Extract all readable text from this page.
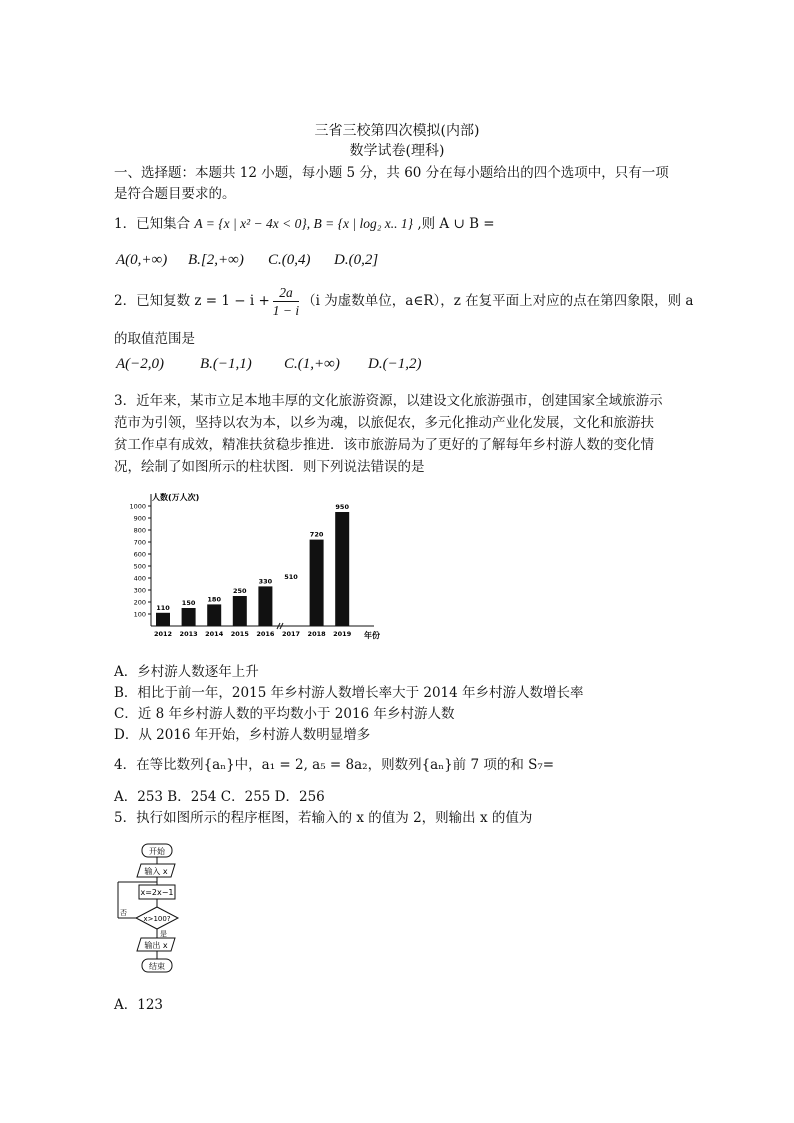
三省三校第四次模拟(内部)
数学试卷(理科)
一、选择题：本题共 12 小题，每小题 5 分，共 60 分在每小题给出的四个选项中，只有一项
是符合题目要求的。
1．已知集合 A = {x | x² − 4x < 0}, B = {x | log₂ x.. 1} ,则 A ∪ B =
A(0,+∞) B.[2,+∞) C.(0,4) D.(0,2]
2．已知复数 $z = 1 - i + \frac{2a}{1 - i} (i$ 为虚数单位，a∈R），z 在复平面上对应的点在第四象限，则 a
的取值范围是
A(−2,0) B.(−1,1) C.(1,+∞) D.(−1,2)
3．近年来，某市立足本地丰厚的文化旅游资源，以建设文化旅游强市，创建国家全域旅游示
范市为引领，坚持以农为本，以乡为魂，以旅促农，多元化推动产业化发展，文化和旅游扶
贫工作卓有成效，精准扶贫稳步推进．该市旅游局为了更好的了解每年乡村游人数的变化情
况，绘制了如图所示的柱状图．则下列说法错误的是
人数(万人次)
年份
100
200
300
400
500
600
700
800
900
1000
110
150 180
250
330
510
720
950
2012 2013 2014 2015 2016 2017 2018 2019
A．乡村游人数逐年上升
B．相比于前一年，2015 年乡村游人数增长率大于 2014 年乡村游人数增长率
C．近 8 年乡村游人数的平均数小于 2016 年乡村游人数
D．从 2016 年开始，乡村游人数明显增多
4．在等比数列{aₙ}中，a₁ = 2, a₅ = 8a₂，则数列{aₙ}前 7 项的和 S₇=
A．253 B．254 C．255 D．256
5．执行如图所示的程序框图，若输入的 x 的值为 2，则输出 x 的值为
开始
输入 x
x=2x−1
x>100?
否
是
输出 x
结束
A．123
